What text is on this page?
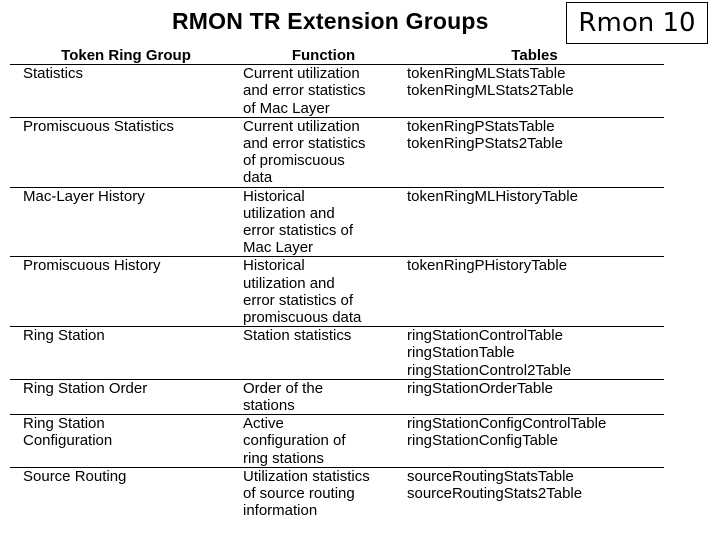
RMON TR Extension Groups	Rmon 10
Token Ring Group	Function	Tables

Statistics	Current utilization
and error statistics
of Mac Layer	tokenRingMLStatsTable
tokenRingMLStats2Table

Promiscuous Statistics	Current utilization
and error statistics
of promiscuous
data	tokenRingPStatsTable
tokenRingPStats2Table

Mac-Layer History	Historical
utilization and
error statistics of
Mac Layer	tokenRingMLHistoryTable

Promiscuous History	Historical
utilization and
error statistics of
promiscuous data	tokenRingPHistoryTable

Ring Station	Station statistics	ringStationControlTable
ringStationTable
ringStationControl2Table

Ring Station Order	Order of the
stations	ringStationOrderTable

Ring Station
Configuration	Active
configuration of
ring stations	ringStationConfigControlTable
ringStationConfigTable

Source Routing	Utilization statistics
of source routing
information	sourceRoutingStatsTable
sourceRoutingStats2Table
